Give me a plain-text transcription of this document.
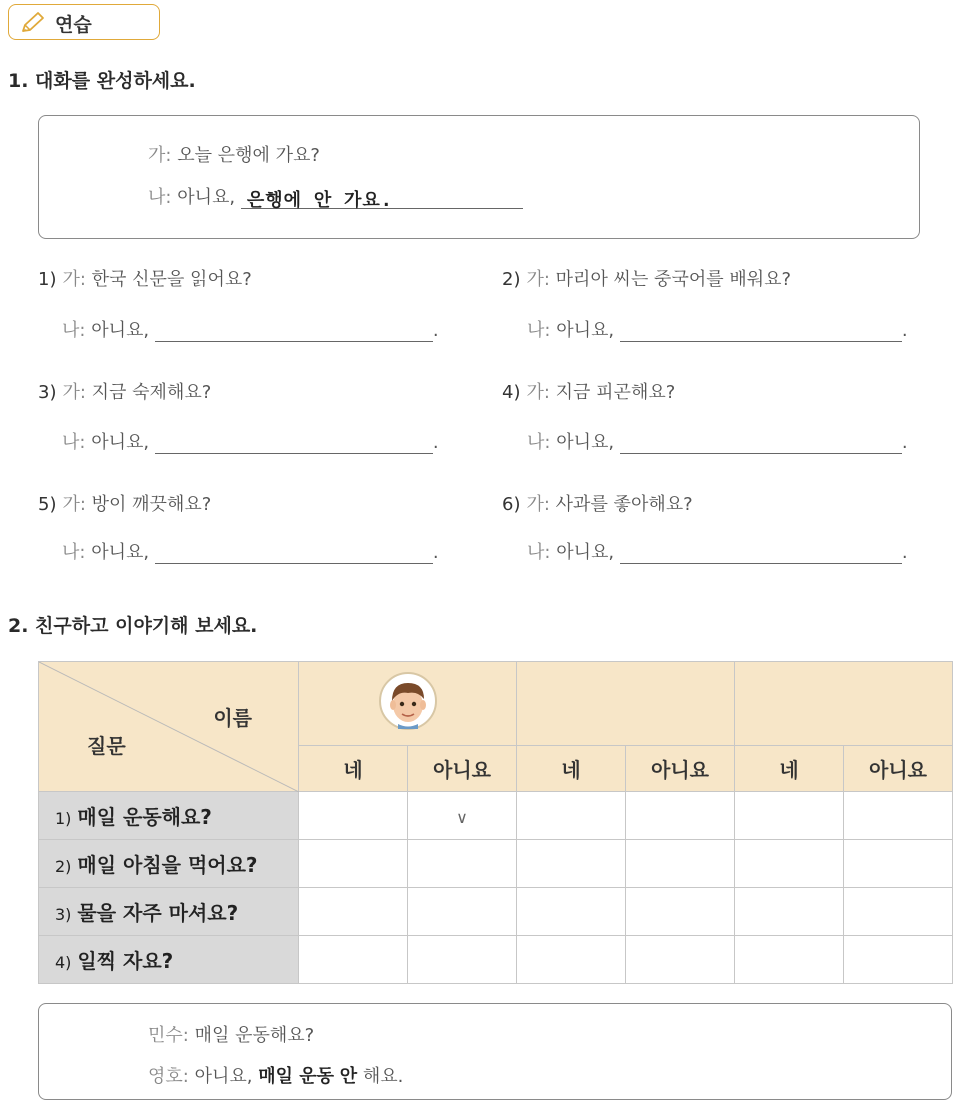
연습
1. 대화를 완성하세요.
가: 오늘 은행에 가요?
나: 아니요, 은행에 안 가요.
1) 가: 한국 신문을 읽어요?
나: 아니요,	.
2) 가: 마리아 씨는 중국어를 배워요?
나: 아니요,	.
3) 가: 지금 숙제해요?
나: 아니요,	.
4) 가: 지금 피곤해요?
나: 아니요,	.
5) 가: 방이 깨끗해요?
나: 아니요,	.
6) 가: 사과를 좋아해요?
나: 아니요,	.
2. 친구하고 이야기해 보세요.
이름
질문

	네	아니요	네	아니요	네	아니요
1) 매일 운동해요?		∨				
2) 매일 아침을 먹어요?						
3) 물을 자주 마셔요?						
4) 일찍 자요?						
민수: 매일 운동해요?
영호: 아니요, 매일 운동 안 해요.
